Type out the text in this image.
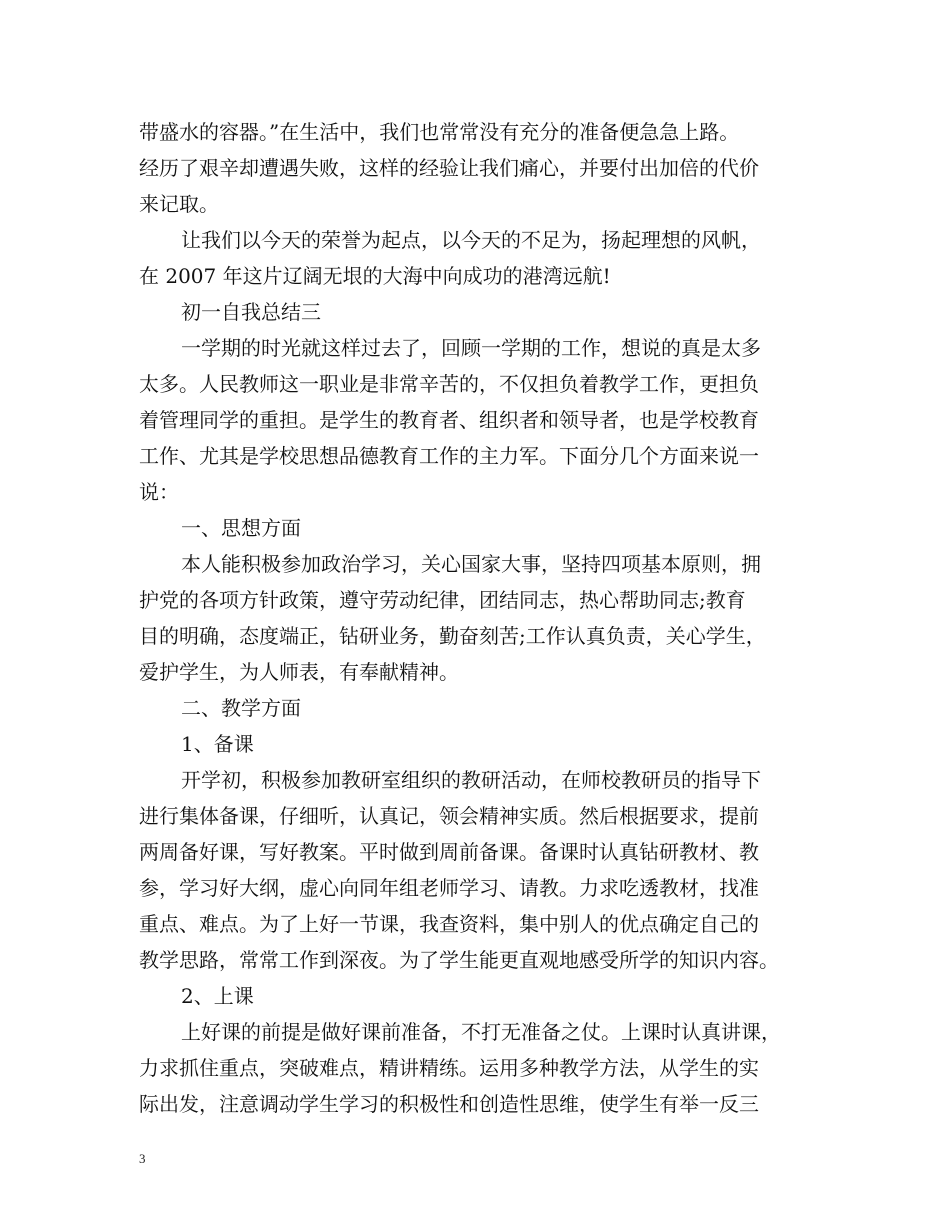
带盛水的容器。”在生活中，我们也常常没有充分的准备便急急上路。
经历了艰辛却遭遇失败，这样的经验让我们痛心，并要付出加倍的代价
来记取。
让我们以今天的荣誉为起点，以今天的不足为，扬起理想的风帆，
在 2007 年这片辽阔无垠的大海中向成功的港湾远航!
初一自我总结三
一学期的时光就这样过去了，回顾一学期的工作，想说的真是太多
太多。人民教师这一职业是非常辛苦的，不仅担负着教学工作，更担负
着管理同学的重担。是学生的教育者、组织者和领导者，也是学校教育
工作、尤其是学校思想品德教育工作的主力军。下面分几个方面来说一
说：
一、思想方面
本人能积极参加政治学习，关心国家大事，坚持四项基本原则，拥
护党的各项方针政策，遵守劳动纪律，团结同志，热心帮助同志;教育
目的明确，态度端正，钻研业务，勤奋刻苦;工作认真负责，关心学生，
爱护学生，为人师表，有奉献精神。
二、教学方面
1、备课
开学初，积极参加教研室组织的教研活动，在师校教研员的指导下
进行集体备课，仔细听，认真记，领会精神实质。然后根据要求，提前
两周备好课，写好教案。平时做到周前备课。备课时认真钻研教材、教
参，学习好大纲，虚心向同年组老师学习、请教。力求吃透教材，找准
重点、难点。为了上好一节课，我查资料，集中别人的优点确定自己的
教学思路，常常工作到深夜。为了学生能更直观地感受所学的知识内容。
2、上课
上好课的前提是做好课前准备，不打无准备之仗。上课时认真讲课，
力求抓住重点，突破难点，精讲精练。运用多种教学方法，从学生的实
际出发，注意调动学生学习的积极性和创造性思维，使学生有举一反三
3
